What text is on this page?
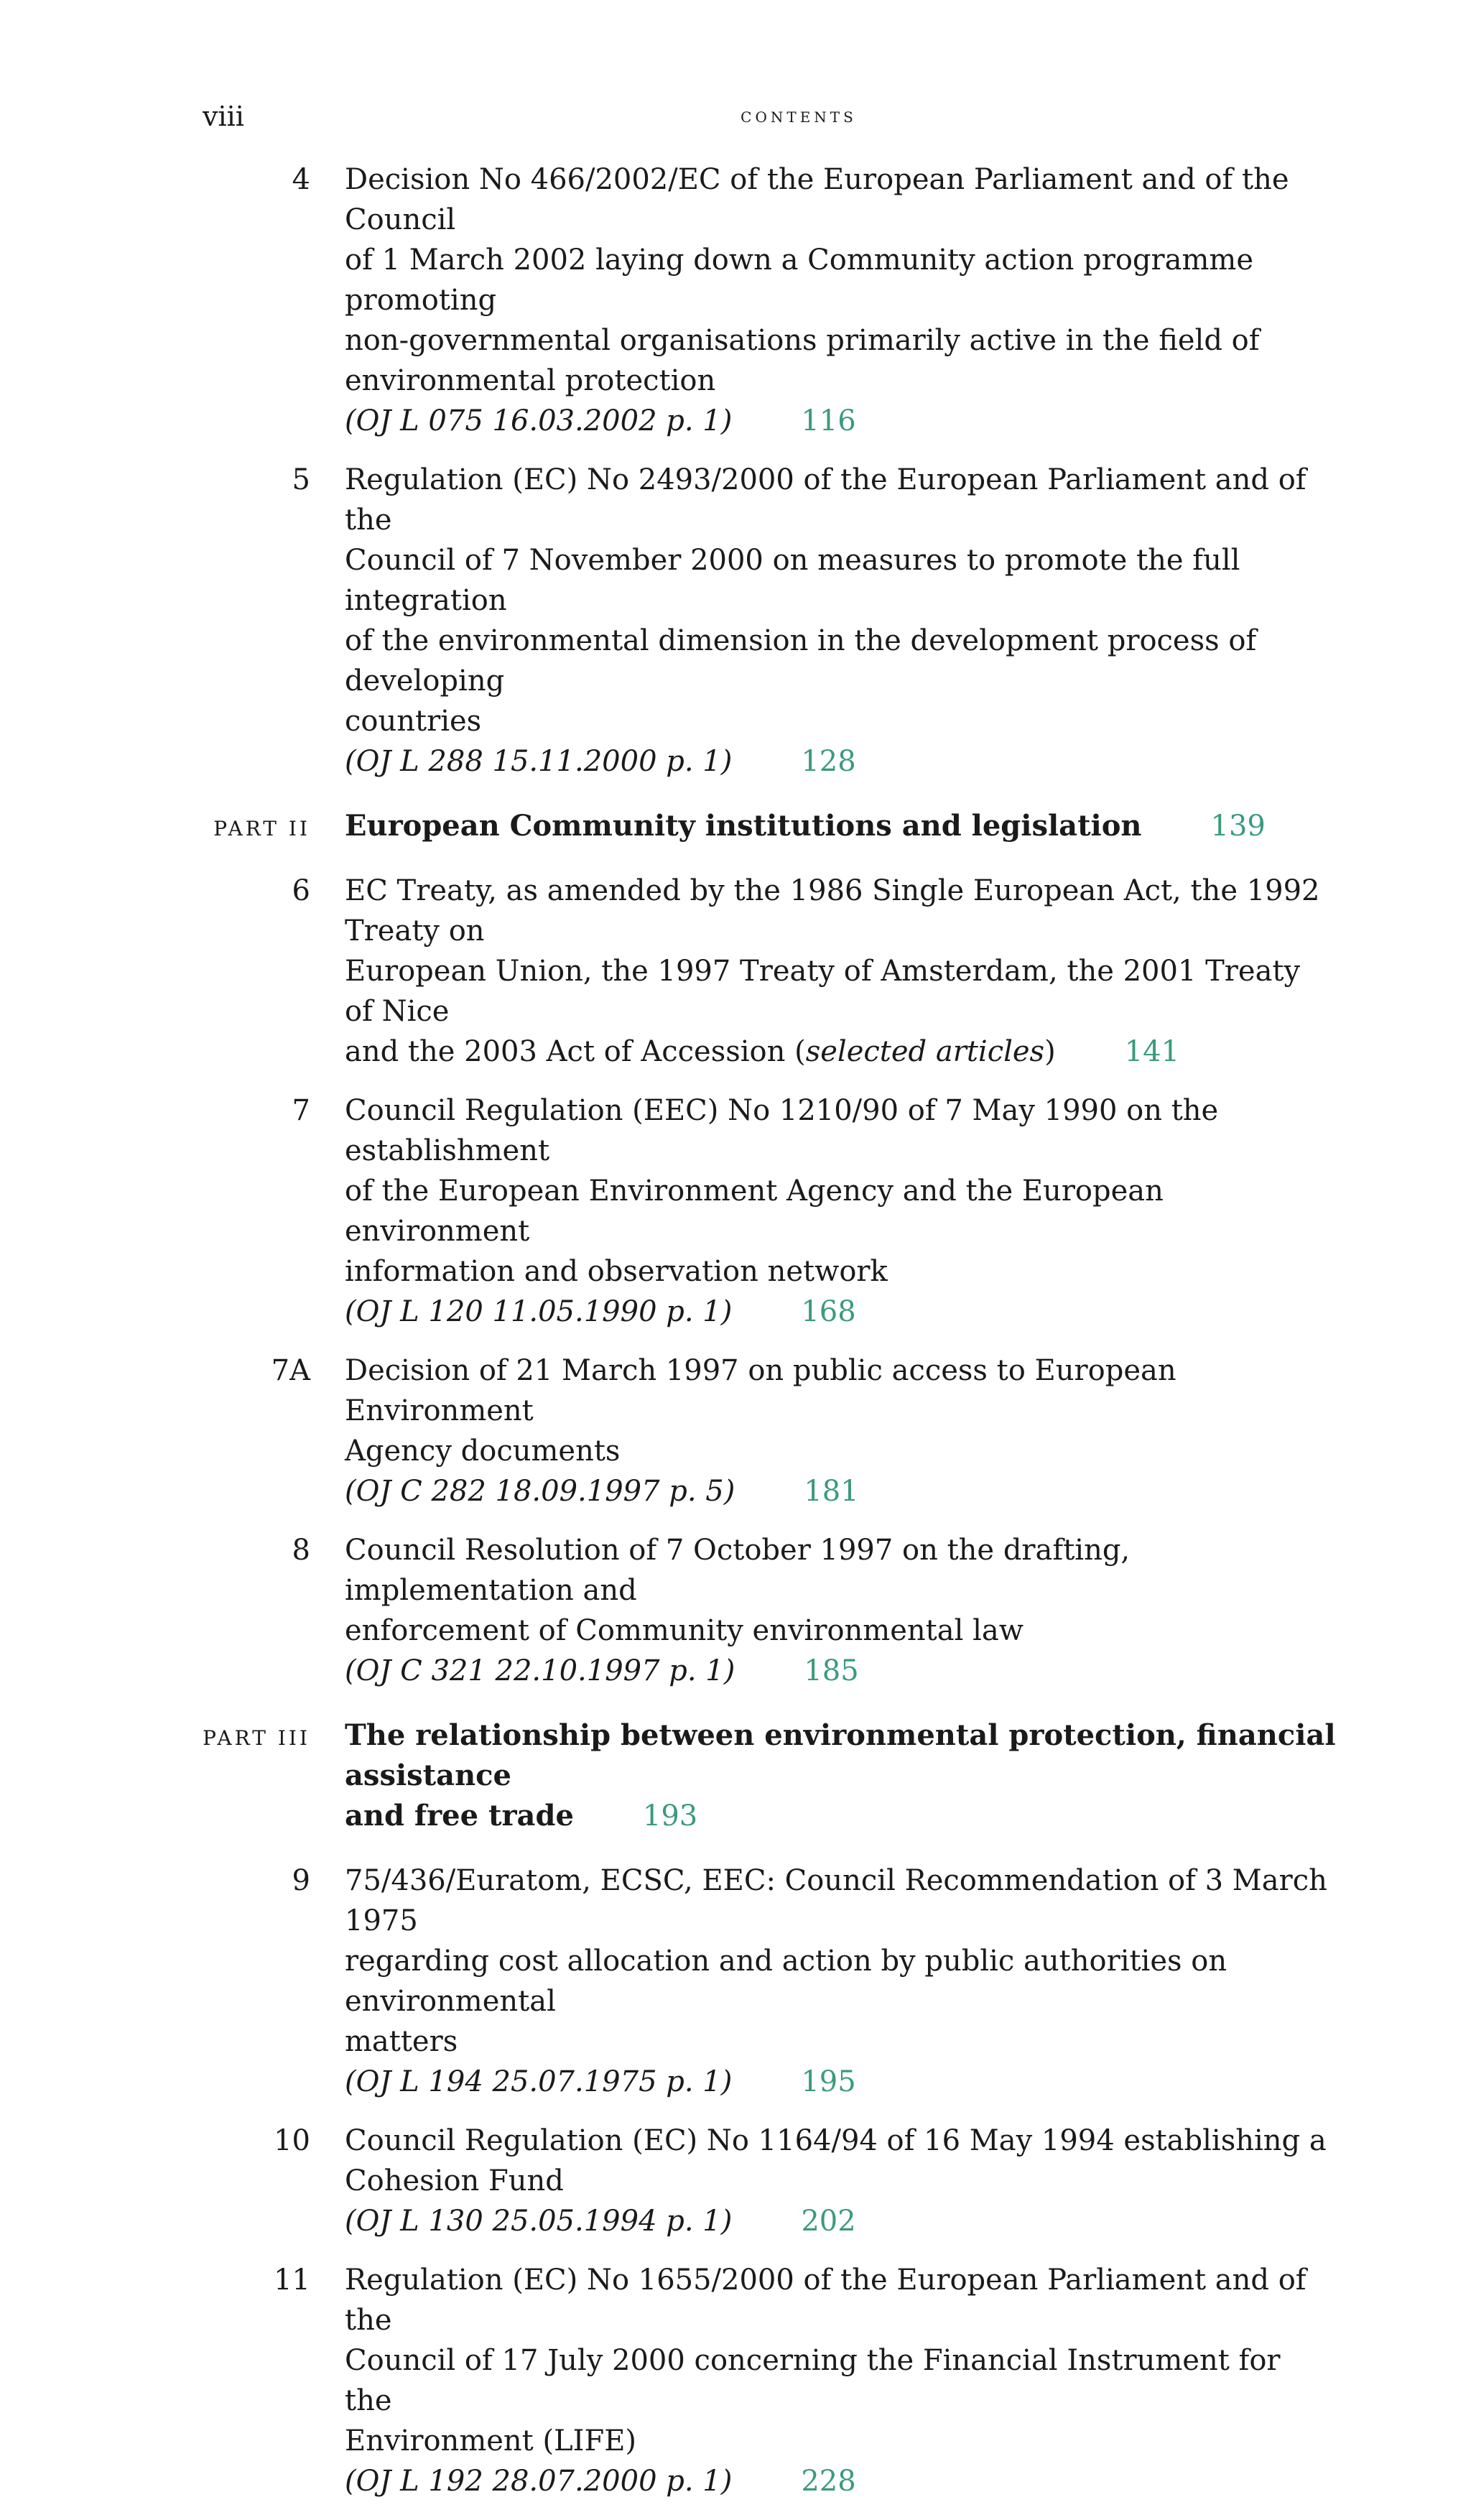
viii	contents
4 Decision No 466/2002/EC of the European Parliament and of the Council
of 1 March 2002 laying down a Community action programme promoting
non-governmental organisations primarily active in the field of
environmental protection
(OJ L 075 16.03.2002 p. 1) 116
5 Regulation (EC) No 2493/2000 of the European Parliament and of the
Council of 7 November 2000 on measures to promote the full integration
of the environmental dimension in the development process of developing
countries
(OJ L 288 15.11.2000 p. 1) 128
PART II European Community institutions and legislation 139
6 EC Treaty, as amended by the 1986 Single European Act, the 1992 Treaty on
European Union, the 1997 Treaty of Amsterdam, the 2001 Treaty of Nice
and the 2003 Act of Accession (selected articles) 141
7 Council Regulation (EEC) No 1210/90 of 7 May 1990 on the establishment
of the European Environment Agency and the European environment
information and observation network
(OJ L 120 11.05.1990 p. 1) 168
7A Decision of 21 March 1997 on public access to European Environment
Agency documents
(OJ C 282 18.09.1997 p. 5) 181
8 Council Resolution of 7 October 1997 on the drafting, implementation and
enforcement of Community environmental law
(OJ C 321 22.10.1997 p. 1) 185
PART III The relationship between environmental protection, financial assistance
and free trade 193
9 75/436/Euratom, ECSC, EEC: Council Recommendation of 3 March 1975
regarding cost allocation and action by public authorities on environmental
matters
(OJ L 194 25.07.1975 p. 1) 195
10 Council Regulation (EC) No 1164/94 of 16 May 1994 establishing a
Cohesion Fund
(OJ L 130 25.05.1994 p. 1) 202
11 Regulation (EC) No 1655/2000 of the European Parliament and of the
Council of 17 July 2000 concerning the Financial Instrument for the
Environment (LIFE)
(OJ L 192 28.07.2000 p. 1) 228
